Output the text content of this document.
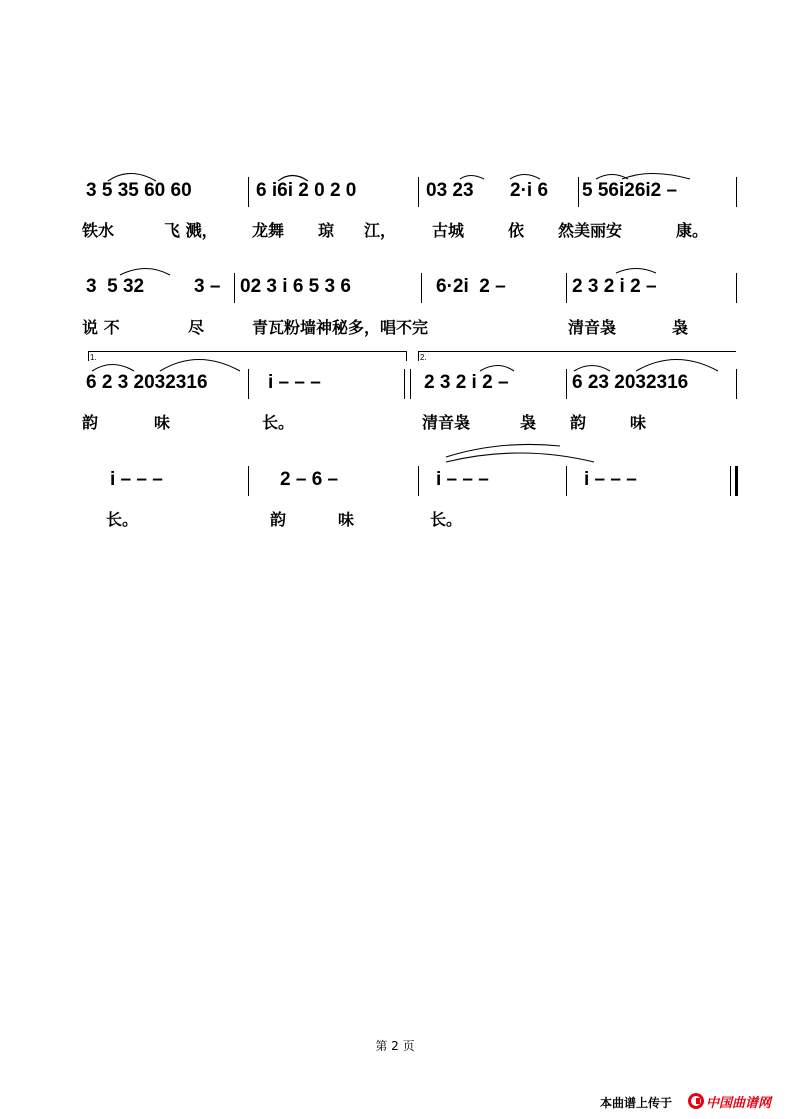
3 5 35 60 60	6 i6i 2 0 2 0	03 23 2·i 6 5 56i26i2 –
铁水	飞 溅， 龙舞 琼 江， 古城	依 然美丽安	康。
3  5 32	3 – 02 3 i 6 5 3 6	6·2i  2 –	2 3 2 i 2 –
说 不	尽	青瓦粉墙神秘多，唱不完	清音袅	袅
1.	2.
6 2 3 2032316	i – – –	2 3 2 i 2 –	6 23 2032316
韵	味	长。	清音袅	袅 韵	味
i – – –	2 – 6 –	i – – –	i – – –
长。	韵	味	长。
第 2 页
本曲谱上传于	中国曲谱网
